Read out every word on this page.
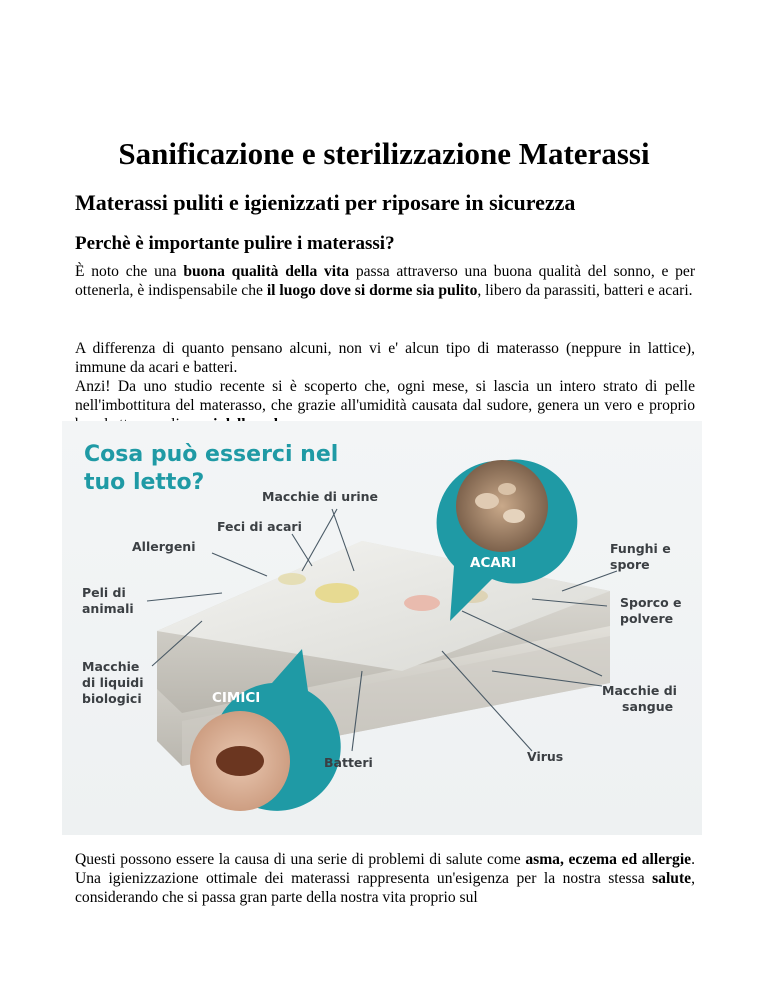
Sanificazione e sterilizzazione Materassi
Materassi puliti e igienizzati per riposare in sicurezza
Perchè è importante pulire i materassi?

È noto che una buona qualità della vita passa attraverso una buona qualità del sonno, e per ottenerla, è indispensabile che il luogo dove si dorme sia pulito, libero da parassiti, batteri e acari.

A differenza di quanto pensano alcuni, non vi e' alcun tipo di materasso (neppure in lattice), immune da acari e batteri.
Anzi! Da uno studio recente si è scoperto che, ogni mese, si lascia un intero strato di pelle nell'imbottitura del materasso, che grazie all'umidità causata dal sudore, genera un vero e proprio

Cosa può esserci nel
tuo letto?
ACARI
CIMICI
Macchie di urine
Feci di acari
Allergeni
Peli di
animali
Macchie
di liquidi
biologici
Funghi e
spore
Sporco e
polvere
Macchie di
sangue
Virus
Batteri

Questi possono essere la causa di una serie di problemi di salute come asma, eczema ed allergie. Una igienizzazione ottimale dei materassi rappresenta un'esigenza per la nostra stessa salute, considerando che si passa gran parte della nostra vita proprio sul
